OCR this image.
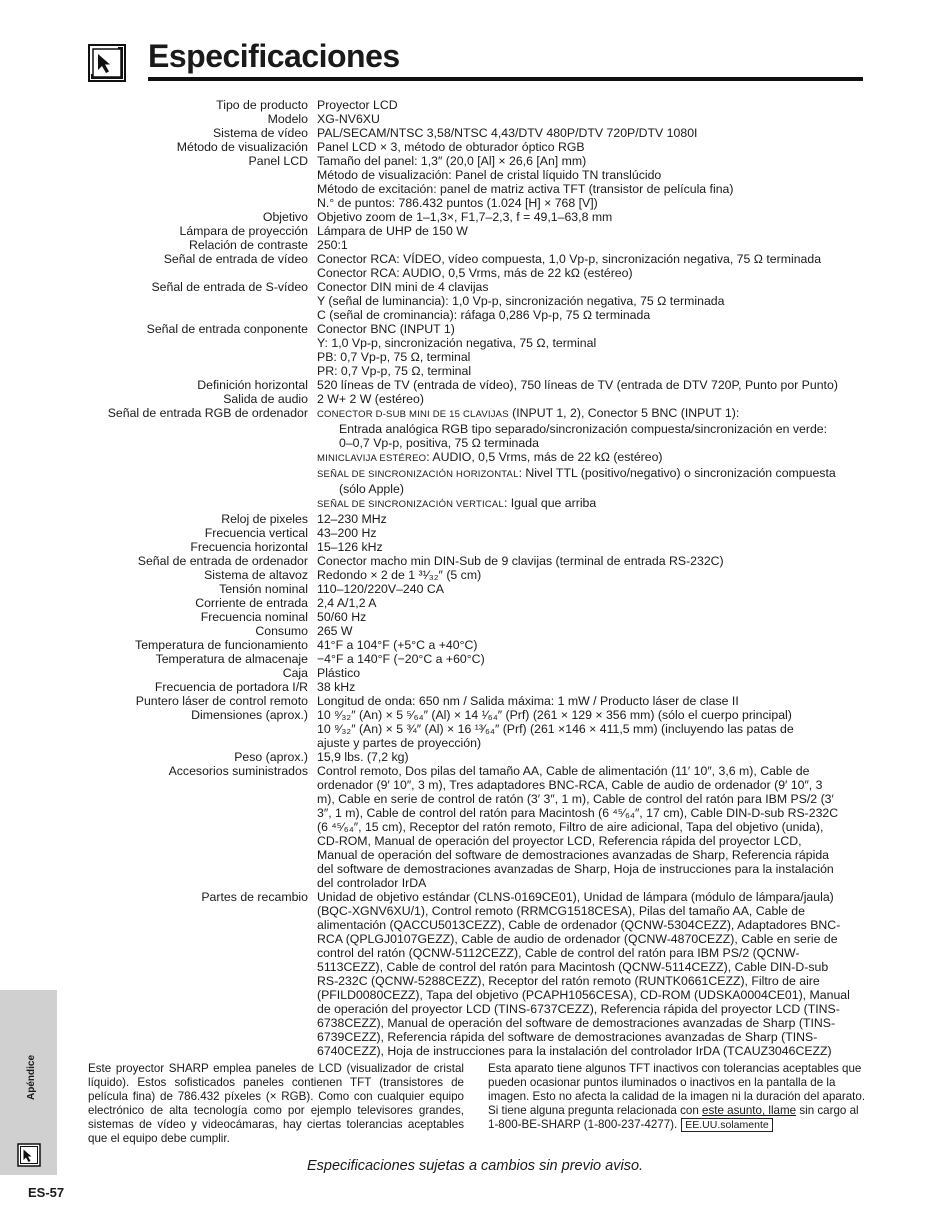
Especificaciones
Tipo de producto Proyector LCD
Modelo XG-NV6XU
Sistema de vídeo PAL/SECAM/NTSC 3,58/NTSC 4,43/DTV 480P/DTV 720P/DTV 1080I
Método de visualización Panel LCD × 3, método de obturador óptico RGB
Panel LCD Tamaño del panel: 1,3″ (20,0 [Al] × 26,6 [An] mm)
Método de visualización: Panel de cristal líquido TN translúcido
Método de excitación: panel de matriz activa TFT (transistor de película fina)
N.° de puntos: 786.432 puntos (1.024 [H] × 768 [V])
Objetivo Objetivo zoom de 1–1,3×, F1,7–2,3, f = 49,1–63,8 mm
Lámpara de proyección Lámpara de UHP de 150 W
Relación de contraste 250:1
Señal de entrada de vídeo Conector RCA: VÍDEO, vídeo compuesta, 1,0 Vp-p, sincronización negativa, 75 Ω terminada
Conector RCA: AUDIO, 0,5 Vrms, más de 22 kΩ (estéreo)
Señal de entrada de S-vídeo Conector DIN mini de 4 clavijas
Y (señal de luminancia): 1,0 Vp-p, sincronización negativa, 75 Ω terminada
C (señal de crominancia): ráfaga 0,286 Vp-p, 75 Ω terminada
Señal de entrada conponente Conector BNC (INPUT 1)
Y: 1,0 Vp-p, sincronización negativa, 75 Ω, terminal
PB: 0,7 Vp-p, 75 Ω, terminal
PR: 0,7 Vp-p, 75 Ω, terminal
Definición horizontal 520 líneas de TV (entrada de vídeo), 750 líneas de TV (entrada de DTV 720P, Punto por Punto)
Salida de audio 2 W+ 2 W (estéreo)
Señal de entrada RGB de ordenador CONECTOR D-SUB MINI DE 15 CLAVIJAS (INPUT 1, 2), Conector 5 BNC (INPUT 1):
Entrada analógica RGB tipo separado/sincronización compuesta/sincronización en verde:
0–0,7 Vp-p, positiva, 75 Ω terminada
MINICLAVIJA ESTÉREO: AUDIO, 0,5 Vrms, más de 22 kΩ (estéreo)
SEÑAL DE SINCRONIZACIÓN HORIZONTAL: Nivel TTL (positivo/negativo) o sincronización compuesta
(sólo Apple)
SEÑAL DE SINCRONIZACIÓN VERTICAL: Igual que arriba
Reloj de pixeles 12–230 MHz
Frecuencia vertical 43–200 Hz
Frecuencia horizontal 15–126 kHz
Señal de entrada de ordenador Conector macho min DIN-Sub de 9 clavijas (terminal de entrada RS-232C)
Sistema de altavoz Redondo × 2 de 1 ³¹⁄₃₂″ (5 cm)
Tensión nominal 110–120/220V–240 CA
Corriente de entrada 2,4 A/1,2 A
Frecuencia nominal 50/60 Hz
Consumo 265 W
Temperatura de funcionamiento 41°F a 104°F (+5°C a +40°C)
Temperatura de almacenaje −4°F a 140°F (−20°C a +60°C)
Caja Plástico
Frecuencia de portadora I/R 38 kHz
Puntero láser de control remoto Longitud de onda: 650 nm / Salida máxima: 1 mW / Producto láser de clase II
Dimensiones (aprox.) 10 ⁹⁄₃₂″ (An) × 5 ⁵⁄₆₄″ (Al) × 14 ¹⁄₆₄″ (Prf) (261 × 129 × 356 mm) (sólo el cuerpo principal)
10 ⁹⁄₃₂″ (An) × 5 ¾″ (Al) × 16 ¹³⁄₆₄″ (Prf) (261 ×146 × 411,5 mm) (incluyendo las patas de
ajuste y partes de proyección)
Peso (aprox.) 15,9 lbs. (7,2 kg)
Accesorios suministrados Control remoto, Dos pilas del tamaño AA, Cable de alimentación (11′ 10″, 3,6 m), Cable de
ordenador (9′ 10″, 3 m), Tres adaptadores BNC-RCA, Cable de audio de ordenador (9′ 10″, 3
m), Cable en serie de control de ratón (3′ 3″, 1 m), Cable de control del ratón para IBM PS/2 (3′
3″, 1 m), Cable de control del ratón para Macintosh (6 ⁴⁵⁄₆₄″, 17 cm), Cable DIN-D-sub RS-232C
(6 ⁴⁵⁄₆₄″, 15 cm), Receptor del ratón remoto, Filtro de aire adicional, Tapa del objetivo (unida),
CD-ROM, Manual de operación del proyector LCD, Referencia rápida del proyector LCD,
Manual de operación del software de demostraciones avanzadas de Sharp, Referencia rápida
del software de demostraciones avanzadas de Sharp, Hoja de instrucciones para la instalación
del controlador IrDA
Partes de recambio Unidad de objetivo estándar (CLNS-0169CE01), Unidad de lámpara (módulo de lámpara/jaula)
(BQC-XGNV6XU/1), Control remoto (RRMCG1518CESA), Pilas del tamaño AA, Cable de
alimentación (QACCU5013CEZZ), Cable de ordenador (QCNW-5304CEZZ), Adaptadores BNC-
RCA (QPLGJ0107GEZZ), Cable de audio de ordenador (QCNW-4870CEZZ), Cable en serie de
control del ratón (QCNW-5112CEZZ), Cable de control del ratón para IBM PS/2 (QCNW-
5113CEZZ), Cable de control del ratón para Macintosh (QCNW-5114CEZZ), Cable DIN-D-sub
RS-232C (QCNW-5288CEZZ), Receptor del ratón remoto (RUNTK0661CEZZ), Filtro de aire
(PFILD0080CEZZ), Tapa del objetivo (PCAPH1056CESA), CD-ROM (UDSKA0004CE01), Manual
de operación del proyector LCD (TINS-6737CEZZ), Referencia rápida del proyector LCD (TINS-
6738CEZZ), Manual de operación del software de demostraciones avanzadas de Sharp (TINS-
6739CEZZ), Referencia rápida del software de demostraciones avanzadas de Sharp (TINS-
6740CEZZ), Hoja de instrucciones para la instalación del controlador IrDA (TCAUZ3046CEZZ)
Este proyector SHARP emplea paneles de LCD (visualizador de cristal líquido). Estos sofisticados paneles contienen TFT (transistores de película fina) de 786.432 píxeles (× RGB). Como con cualquier equipo electrónico de alta tecnología como por ejemplo televisores grandes, sistemas de vídeo y videocámaras, hay ciertas tolerancias aceptables que el equipo debe cumplir.
Esta aparato tiene algunos TFT inactivos con tolerancias aceptables que pueden ocasionar puntos iluminados o inactivos en la pantalla de la imagen. Esto no afecta la calidad de la imagen ni la duración del aparato.
Si tiene alguna pregunta relacionada con este asunto, llame sin cargo al 1-800-BE-SHARP (1-800-237-4277). EE.UU.solamente
Especificaciones sujetas a cambios sin previo aviso.
Apéndice
ES-57
